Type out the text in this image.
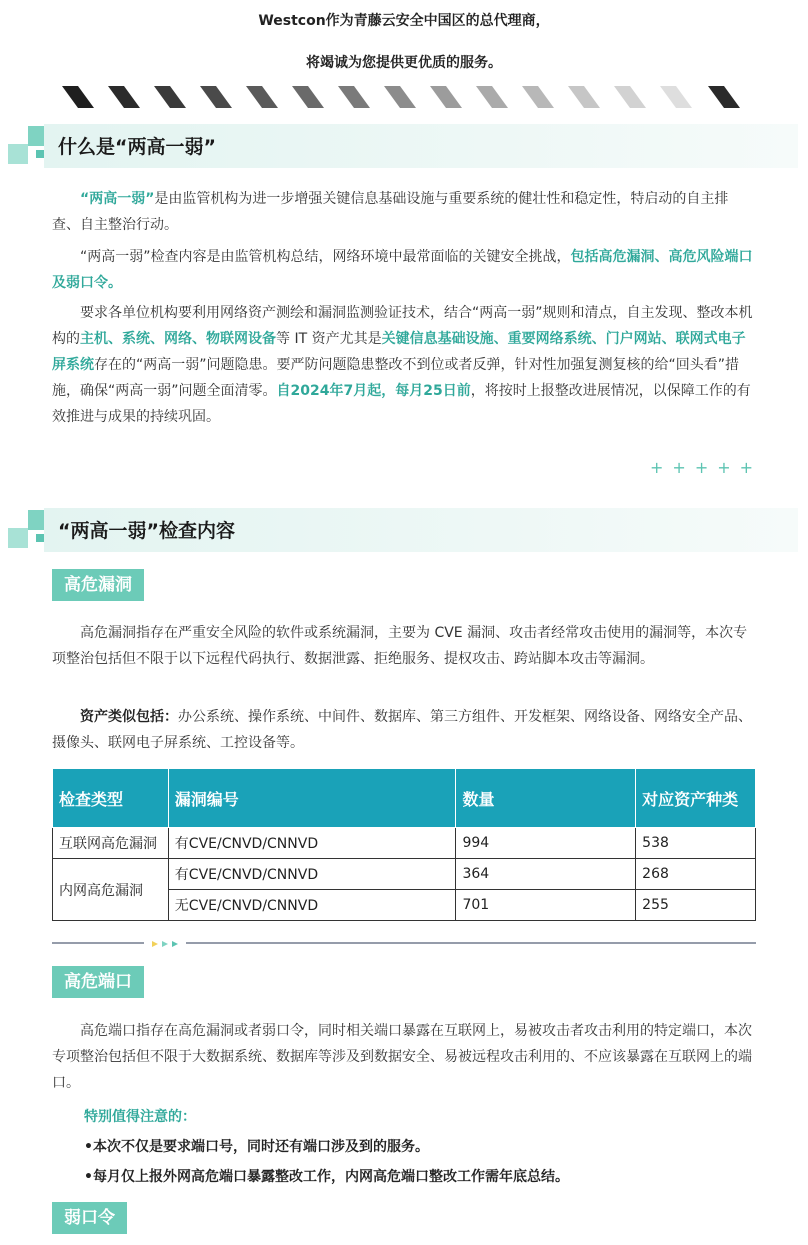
Westcon作为青藤云安全中国区的总代理商，
将竭诚为您提供更优质的服务。
什么是“两高一弱”

“两高一弱”是由监管机构为进一步增强关键信息基础设施与重要系统的健壮性和稳定性，特启动的自主排查、自主整治行动。

“两高一弱”检查内容是由监管机构总结，网络环境中最常面临的关键安全挑战，包括高危漏洞、高危风险端口及弱口令。

要求各单位机构要利用网络资产测绘和漏洞监测验证技术，结合“两高一弱”规则和清点，自主发现、整改本机构的主机、系统、网络、物联网设备等 IT 资产尤其是关键信息基础设施、重要网络系统、门户网站、联网式电子屏系统存在的“两高一弱”问题隐患。要严防问题隐患整改不到位或者反弹，针对性加强复测复核的给“回头看”措施，确保“两高一弱”问题全面清零。自2024年7月起，每月25日前，将按时上报整改进展情况，以保障工作的有效推进与成果的持续巩固。

+++++
“两高一弱”检查内容
高危漏洞

高危漏洞指存在严重安全风险的软件或系统漏洞，主要为 CVE 漏洞、攻击者经常攻击使用的漏洞等，本次专项整治包括但不限于以下远程代码执行、数据泄露、拒绝服务、提权攻击、跨站脚本攻击等漏洞。

资产类似包括：办公系统、操作系统、中间件、数据库、第三方组件、开发框架、网络设备、网络安全产品、摄像头、联网电子屏系统、工控设备等。

检查类型	漏洞编号	数量	对应资产种类
互联网高危漏洞	有CVE/CNVD/CNNVD	994	538
内网高危漏洞	有CVE/CNVD/CNNVD	364	268
	无CVE/CNVD/CNNVD	701	255
高危端口

高危端口指存在高危漏洞或者弱口令，同时相关端口暴露在互联网上，易被攻击者攻击利用的特定端口，本次专项整治包括但不限于大数据系统、数据库等涉及到数据安全、易被远程攻击利用的、不应该暴露在互联网上的端口。

特别值得注意的：
•本次不仅是要求端口号，同时还有端口涉及到的服务。
•每月仅上报外网高危端口暴露整改工作，内网高危端口整改工作需年底总结。
弱口令
